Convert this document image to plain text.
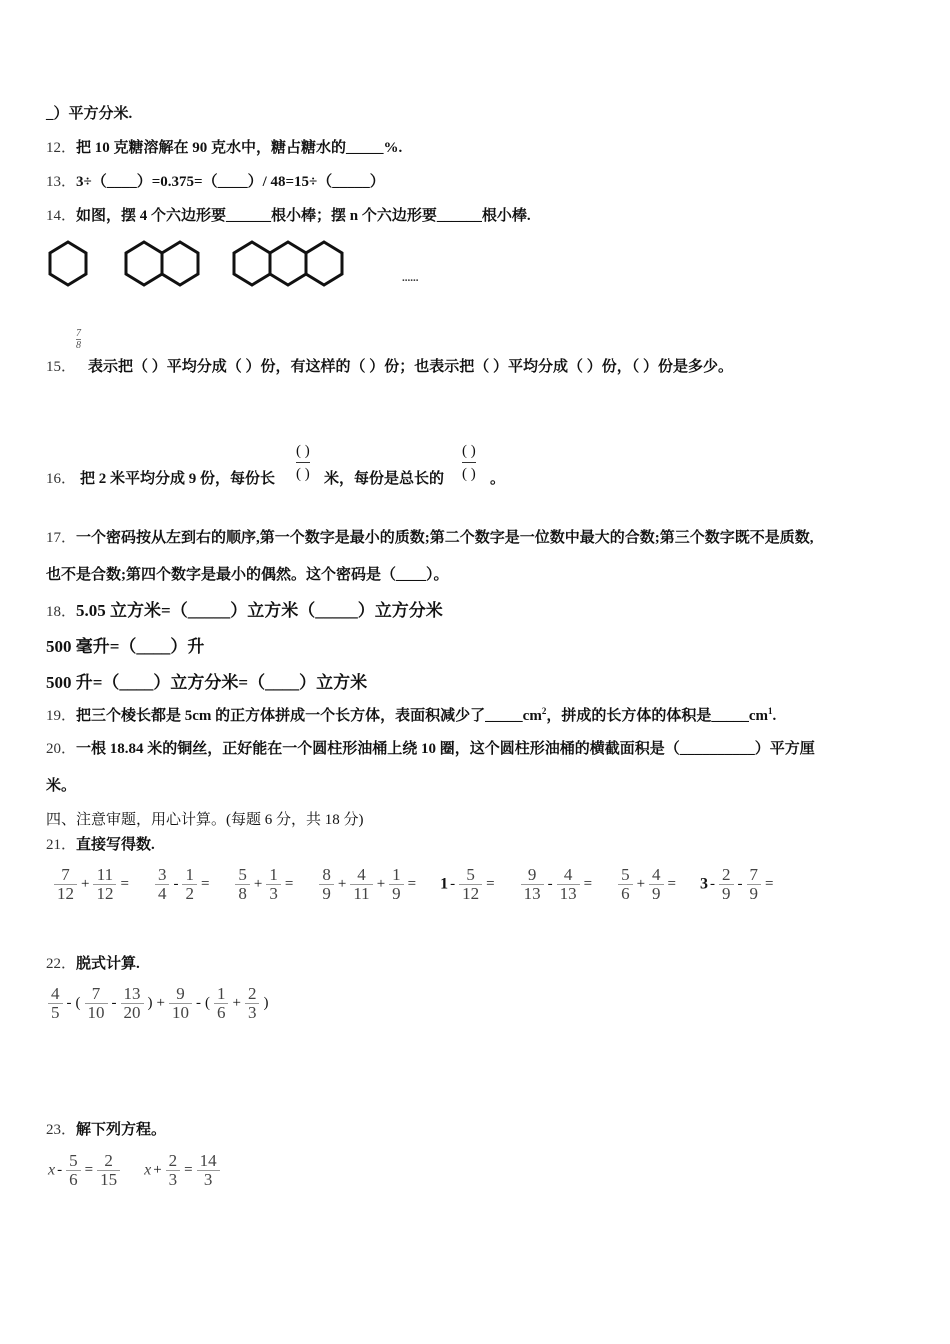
_）平方分米.
12．把 10 克糖溶解在 90 克水中，糖占糖水的_____%.
13．3÷（____）=0.375=（____）/ 48=15÷（_____）
14．如图，摆 4 个六边形要______根小棒；摆 n 个六边形要______根小棒.
......
$\frac{7}{8}$
15． 表示把（ ）平均分成（ ）份，有这样的（ ）份；也表示把（ ）平均分成（ ）份，（ ）份是多少。
16． 把 2 米平均分成 9 份，每份长
( )
( ) 米，每份是总长的
( )
( ) 。
17．一个密码按从左到右的顺序,第一个数字是最小的质数;第二个数字是一位数中最大的合数;第三个数字既不是质数,
也不是合数;第四个数字是最小的偶然。这个密码是（____）。
18．5.05 立方米=（_____）立方米（_____）立方分米
500 毫升=（____）升
500 升=（____）立方分米=（____）立方米
19．把三个棱长都是 5cm 的正方体拼成一个长方体，表面积减少了$\_\_\_\_\_cm^2$，拼成的长方体的体积是$\_\_\_\_\_cm^1$.
20．一根 18.84 米的铜丝，正好能在一个圆柱形油桶上绕 10 圈，这个圆柱形油桶的横截面积是（__________）平方厘
米。
四、注意审题，用心计算。(每题 6 分，共 18 分)
21．直接写得数.
$\frac{7}{12} + \frac{11}{12} = \frac{3}{4} - \frac{1}{2} = \frac{5}{8} + \frac{1}{3} = \frac{8}{9} + \frac{4}{11} + \frac{1}{9} = 1 - \frac{5}{12} = \frac{9}{13} - \frac{4}{13} = \frac{5}{6} + \frac{4}{9} = 3 - \frac{2}{9} - \frac{7}{9}$ =
22．脱式计算.
$\frac{4}{5}$ - ( $\frac{7}{10} - \frac{13}{20}$ ) + $\frac{9}{10}$ - ( $\frac{1}{6} + \frac{2}{3}$ )
23．解下列方程。
$x - \frac{5}{6} = \frac{2}{15}$ $x + \frac{2}{3} = \frac{14}{3}$
